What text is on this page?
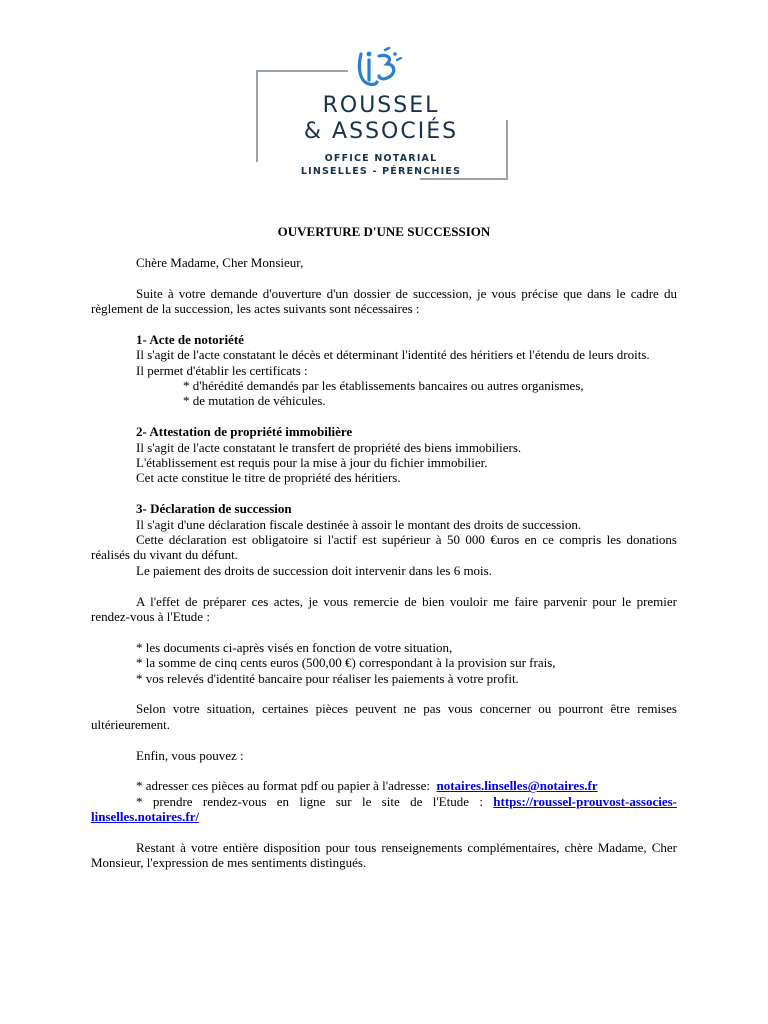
ROUSSEL
& ASSOCIÉS
OFFICE NOTARIAL
LINSELLES - PÉRENCHIES

OUVERTURE D'UNE SUCCESSION

Chère Madame, Cher Monsieur,

Suite à votre demande d'ouverture d'un dossier de succession, je vous précise que dans le cadre du règlement de la succession, les actes suivants sont nécessaires :

1- Acte de notoriété

Il s'agit de l'acte constatant le décès et déterminant l'identité des héritiers et l'étendu de leurs droits.

Il permet d'établir les certificats :

* d'hérédité demandés par les établissements bancaires ou autres organismes,

* de mutation de véhicules.

2- Attestation de propriété immobilière

Il s'agit de l'acte constatant le transfert de propriété des biens immobiliers.

L'établissement est requis pour la mise à jour du fichier immobilier.

Cet acte constitue le titre de propriété des héritiers.

3- Déclaration de succession

Il s'agit d'une déclaration fiscale destinée à assoir le montant des droits de succession.

Cette déclaration est obligatoire si l'actif est supérieur à 50 000 €uros en ce compris les donations réalisés du vivant du défunt.

Le paiement des droits de succession doit intervenir dans les 6 mois.

A l'effet de préparer ces actes, je vous remercie de bien vouloir me faire parvenir pour le premier rendez-vous à l'Etude :

* les documents ci-après visés en fonction de votre situation,

* la somme de cinq cents euros (500,00 €) correspondant à la provision sur frais,

* vos relevés d'identité bancaire pour réaliser les paiements à votre profit.

Selon votre situation, certaines pièces peuvent ne pas vous concerner ou pourront être remises ultérieurement.

Enfin, vous pouvez :

* adresser ces pièces au format pdf ou papier à l'adresse: notaires.linselles@notaires.fr

* prendre rendez-vous en ligne sur le site de l'Etude : https://roussel-prouvost-associes-linselles.notaires.fr/

Restant à votre entière disposition pour tous renseignements complémentaires, chère Madame, Cher Monsieur, l'expression de mes sentiments distingués.
